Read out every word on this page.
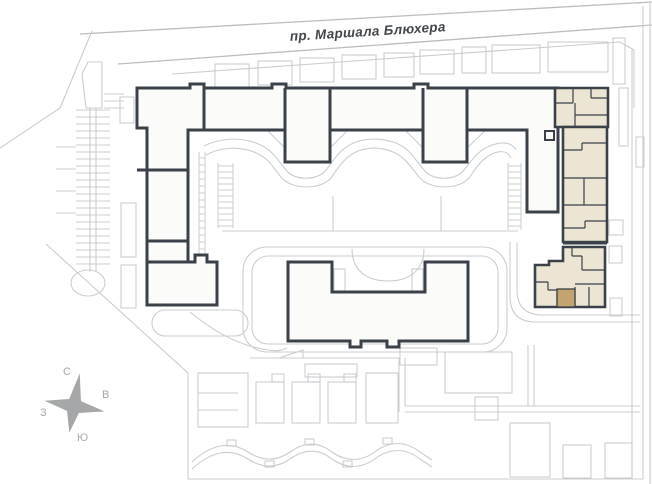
С
В
З
Ю
пр. Маршала Блюхера
